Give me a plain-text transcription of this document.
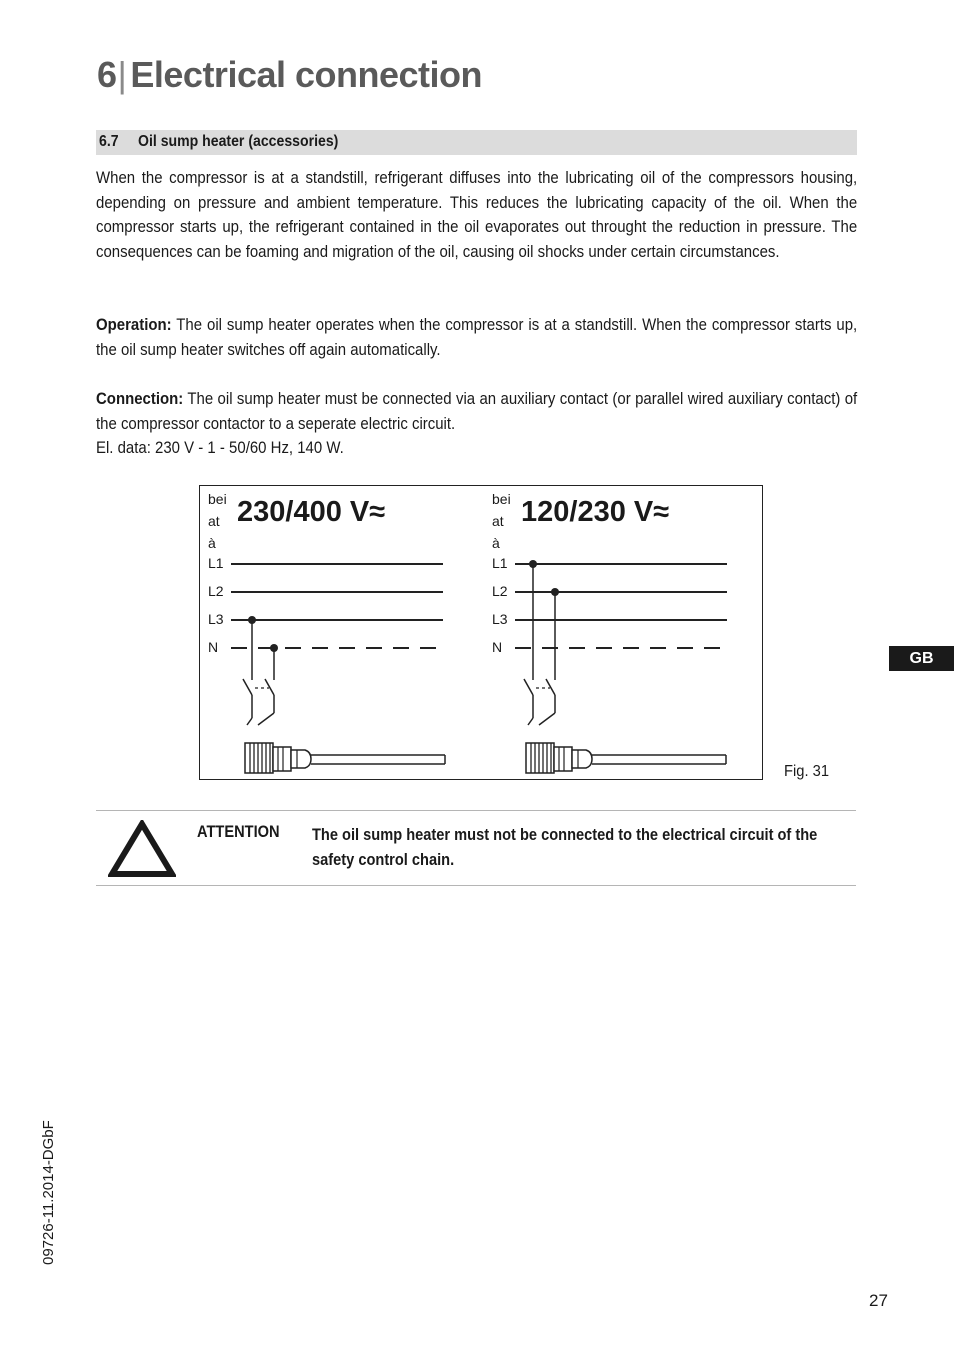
6| Electrical connection
6.7 Oil sump heater (accessories)
When the compressor is at a standstill, refrigerant diffuses into the lubricating oil of the compressors housing, depending on pressure and ambient temperature. This reduces the lubricating capacity of the oil. When the compressor starts up, the refrigerant contained in the oil evaporates out throught the reduction in pressure. The consequences can be foaming and migration of the oil, causing oil shocks under certain circumstances.
Operation: The oil sump heater operates when the compressor is at a standstill. When the compressor starts up, the oil sump heater switches off again automatically.
Connection: The oil sump heater must be connected via an auxiliary contact (or parallel wired auxiliary contact) of the compressor contactor to a seperate electric circuit.
El. data: 230 V - 1 - 50/60 Hz, 140 W.
bei
at
à
230/400 V≈
L1
L2
L3
N
bei
at
à
120/230 V≈
L1
L2
L3
N
Fig. 31
ATTENTION The oil sump heater must not be connected to the electrical circuit of the safety control chain.
GB
09726-11.2014-DGbF
27
